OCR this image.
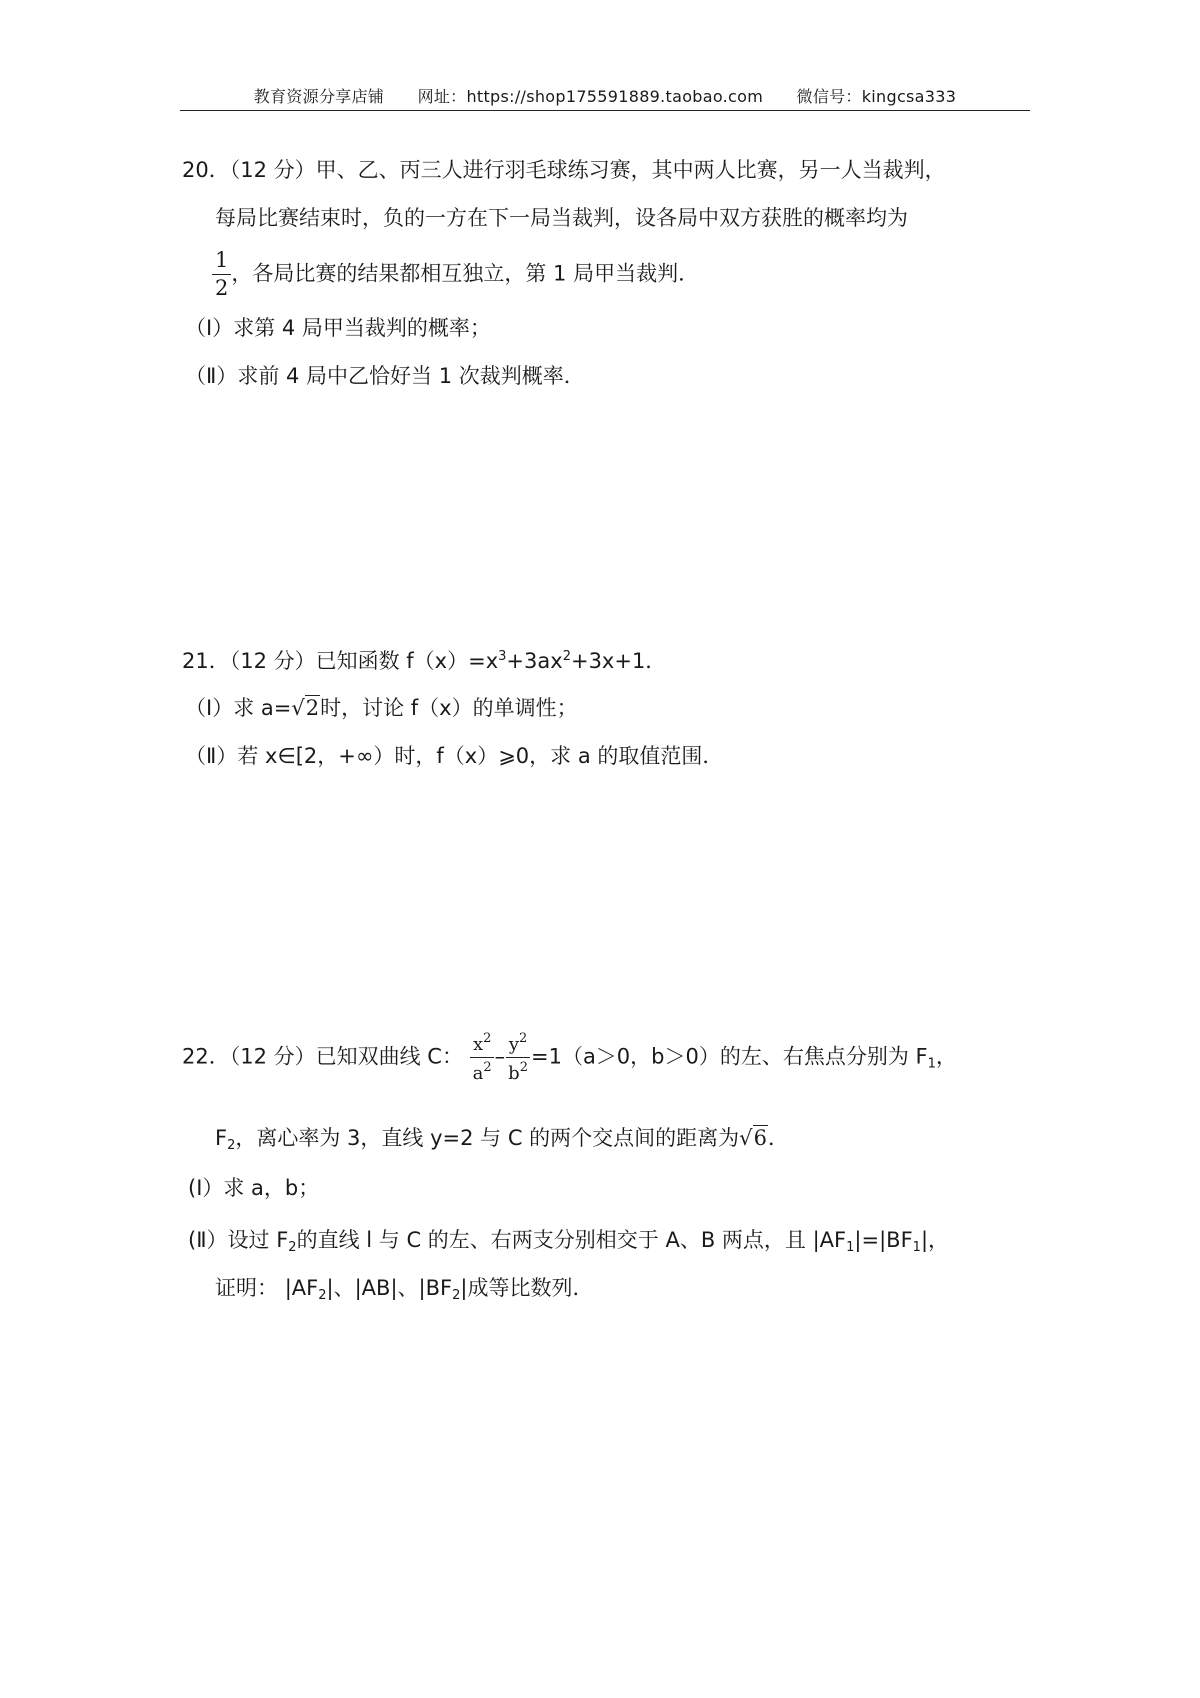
教育资源分享店铺 网址：https://shop175591889.taobao.com 微信号：kingcsa333
20．（12 分）甲、乙、丙三人进行羽毛球练习赛，其中两人比赛，另一人当裁判，
每局比赛结束时，负的一方在下一局当裁判，设各局中双方获胜的概率均为
$\frac{1}{2}$ ，各局比赛的结果都相互独立，第 1 局甲当裁判．
（Ⅰ）求第 4 局甲当裁判的概率；
（Ⅱ）求前 4 局中乙恰好当 1 次裁判概率．
21．（12 分）已知函数 $f(x)=x^3+3ax^2+3x+1$．
（Ⅰ）求 a=√2时，讨论 f（x）的单调性；
（Ⅱ）若 x∈[2，+∞）时，f（x）⩾0，求 a 的取值范围．
22．（12 分）已知双曲线 C： $\frac{x^2}{a^2} - \frac{y^2}{b^2} =1(a>0$，b＞0）的左、右焦点分别为 $F_1$，
$F_2$，离心率为 3，直线 y=2 与 C 的两个交点间的距离为√6．
(Ⅰ）求 a，b；
(Ⅱ）设过 $F_2$的直线 l 与 C 的左、右两支分别相交于 A、B 两点，且 $|AF_1|=|BF_1|$，
证明： $|AF_2|$、|AB|、$|BF_2|$成等比数列．
